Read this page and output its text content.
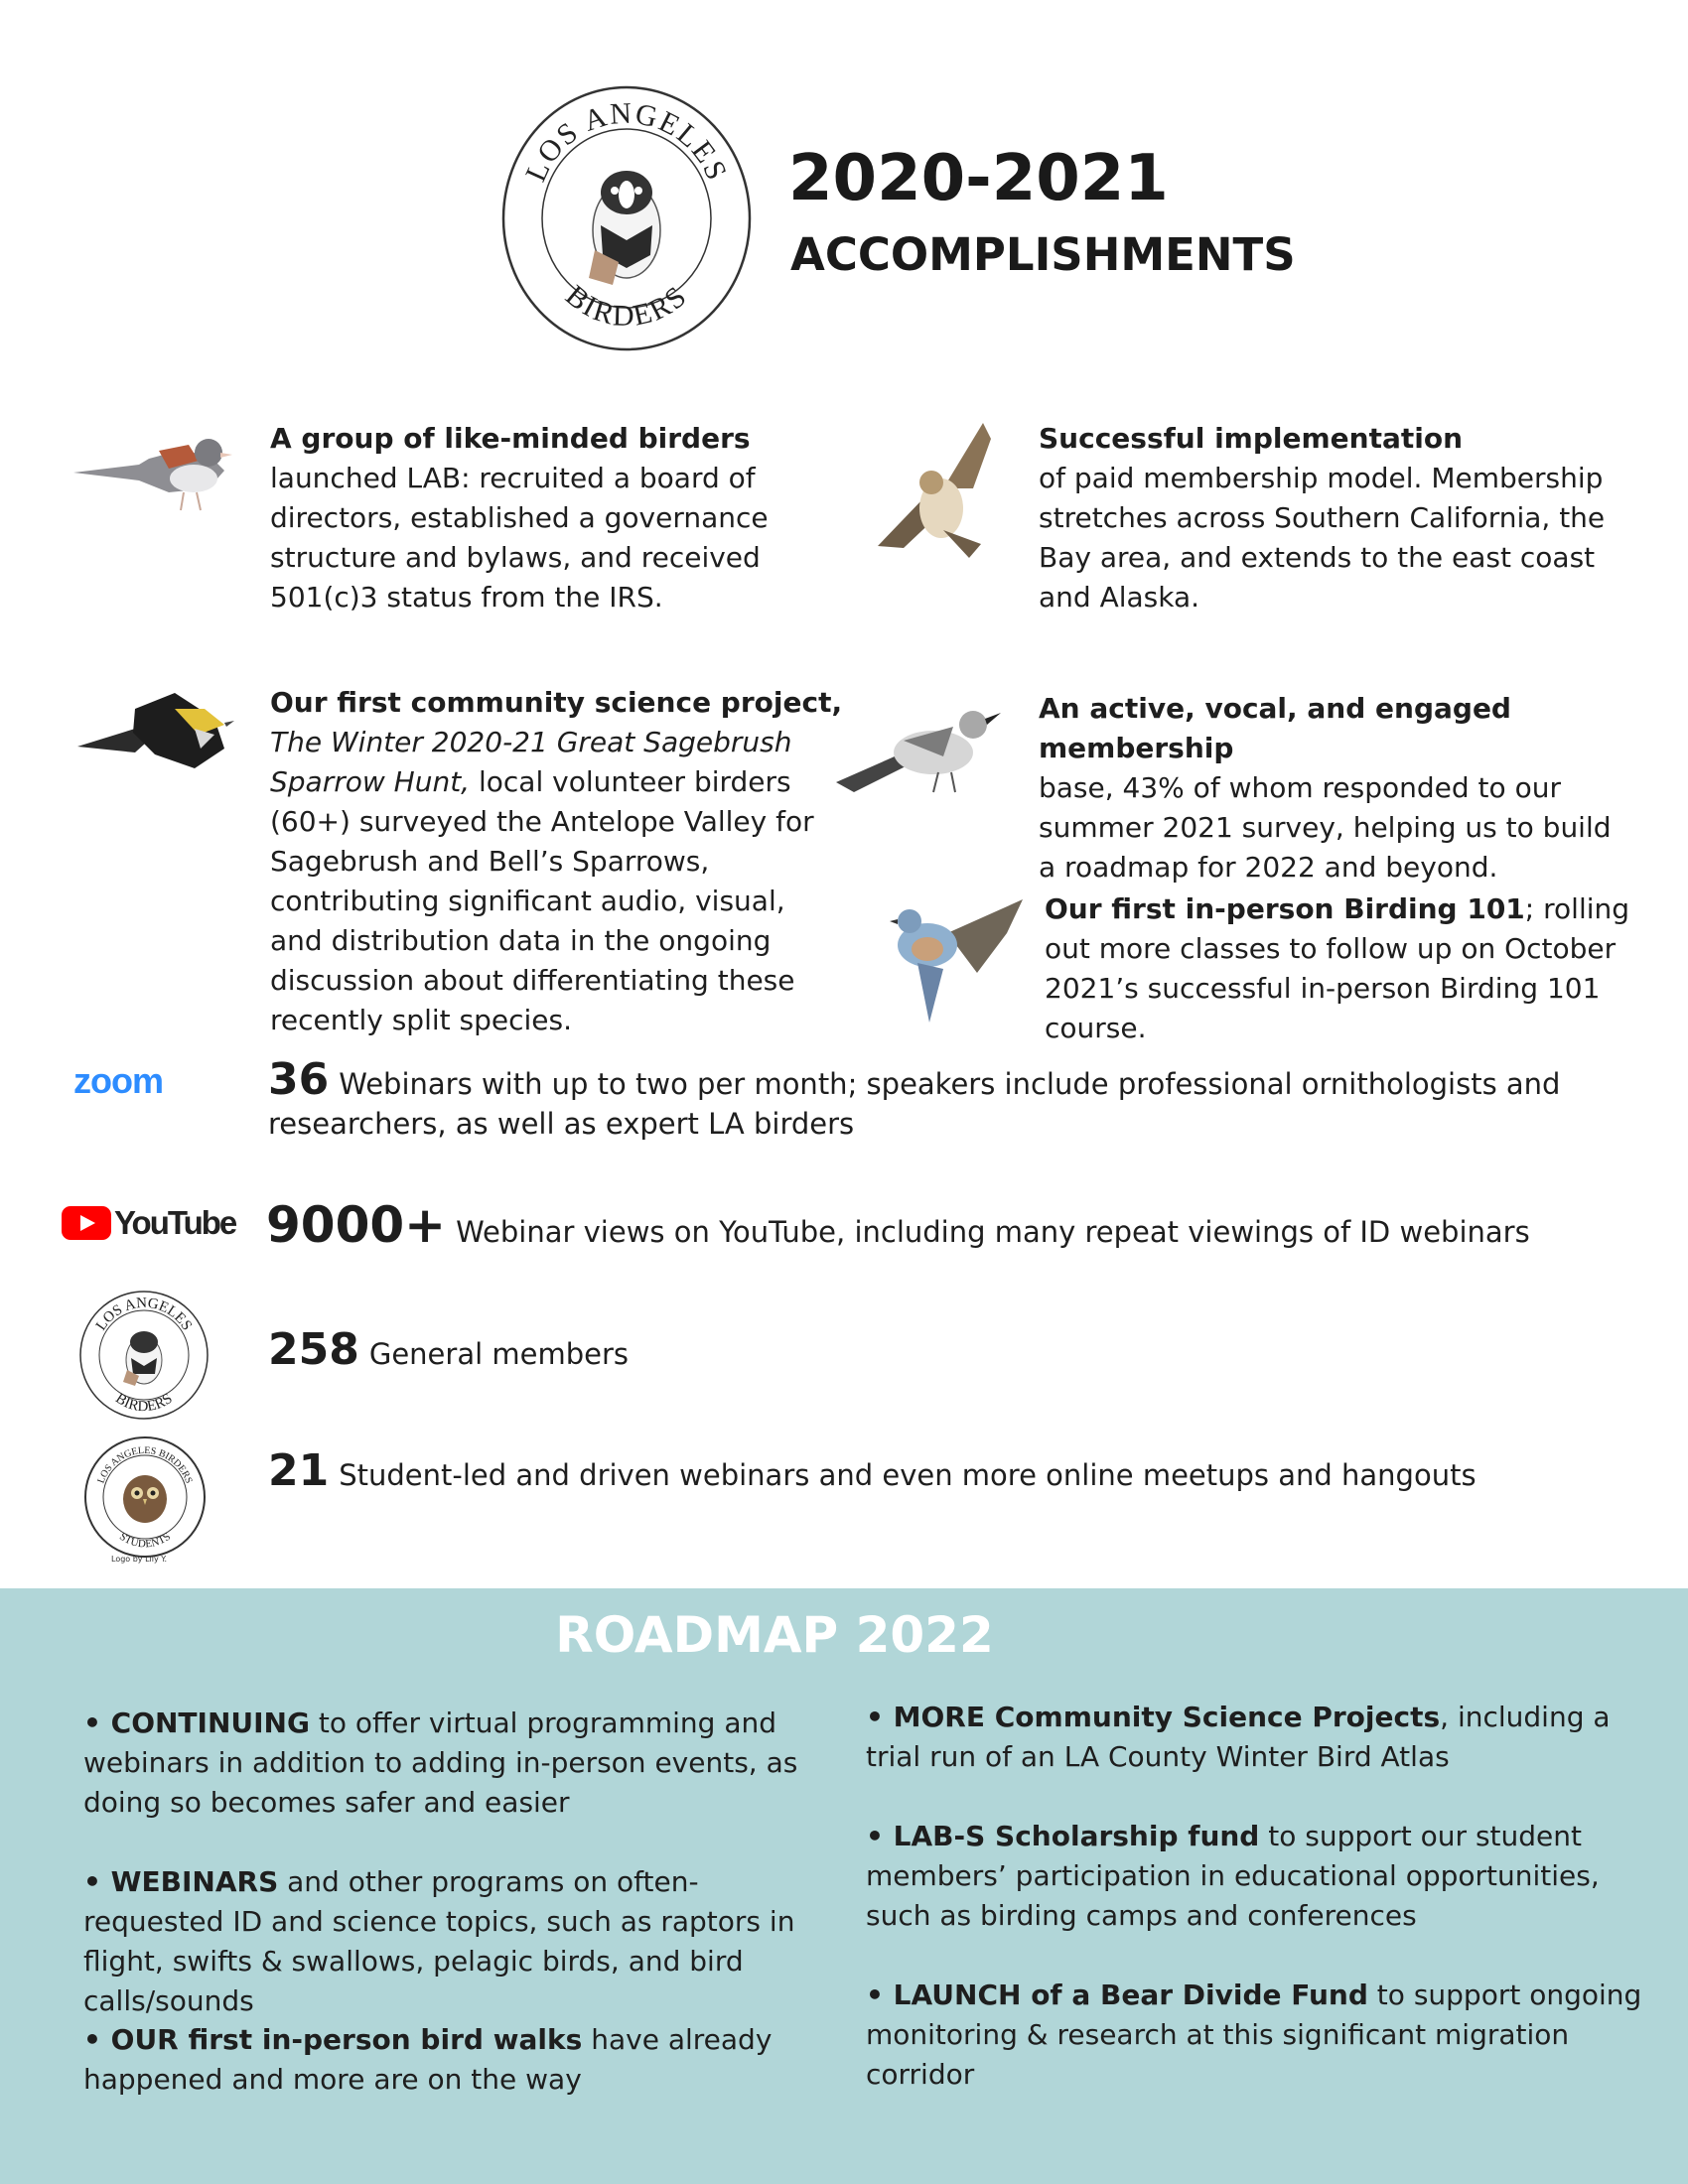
LOS ANGELES
BIRDERS
2020-2021
ACCOMPLISHMENTS
A group of like-minded birders
launched LAB: recruited a board of directors, established a governance structure and bylaws, and received 501(c)3 status from the IRS.
Successful implementation
of paid membership model. Membership stretches across Southern California, the Bay area, and extends to the east coast and Alaska.
Our first community science project,
The Winter 2020-21 Great Sagebrush Sparrow Hunt, local volunteer birders (60+) surveyed the Antelope Valley for Sagebrush and Bell’s Sparrows, contributing significant audio, visual, and distribution data in the ongoing discussion about differentiating these recently split species.
An active, vocal, and engaged membership
base, 43% of whom responded to our summer 2021 survey, helping us to build a roadmap for 2022 and beyond.
Our first in-person Birding 101; rolling out more classes to follow up on October 2021’s successful in-person Birding 101 course.
zoom 36 Webinars with up to two per month; speakers include professional ornithologists and researchers, as well as expert LA birders
YouTube 9000+ Webinar views on YouTube, including many repeat viewings of ID webinars
LOS ANGELES
BIRDERS
258 General members
LOS ANGELES BIRDERS
STUDENTS
Logo by Lily Y.
21 Student-led and driven webinars and even more online meetups and hangouts
ROADMAP 2022
• CONTINUING to offer virtual programming and webinars in addition to adding in-person events, as doing so becomes safer and easier
• WEBINARS and other programs on often-requested ID and science topics, such as raptors in flight, swifts & swallows, pelagic birds, and bird calls/sounds
• OUR first in-person bird walks have already happened and more are on the way
• MORE Community Science Projects, including a trial run of an LA County Winter Bird Atlas
• LAB-S Scholarship fund to support our student members’ participation in educational opportunities, such as birding camps and conferences
• LAUNCH of a Bear Divide Fund to support ongoing monitoring & research at this significant migration corridor
